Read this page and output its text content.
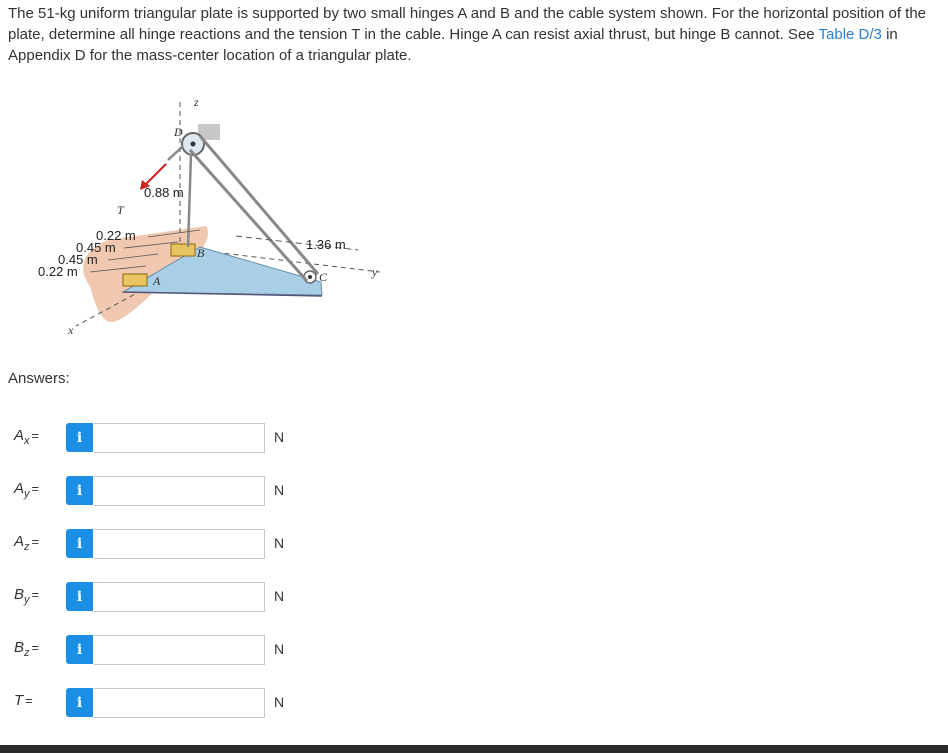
The 51-kg uniform triangular plate is supported by two small hinges A and B and the cable system shown. For the horizontal position of the plate, determine all hinge reactions and the tension T in the cable. Hinge A can resist axial thrust, but hinge B cannot. See Table D/3 in Appendix D for the mass-center location of a triangular plate.
z
D
T
B
A	C
x
y
0.88 m
0.22 m
0.45 m
0.45 m
0.22 m
1.36 m
Answers:
$A_x$ =	i	N
$A_y$ =	i	N
$A_z$ =	i	N
$B_y$ =	i	N
$B_z$ =	i	N
T =	i	N
